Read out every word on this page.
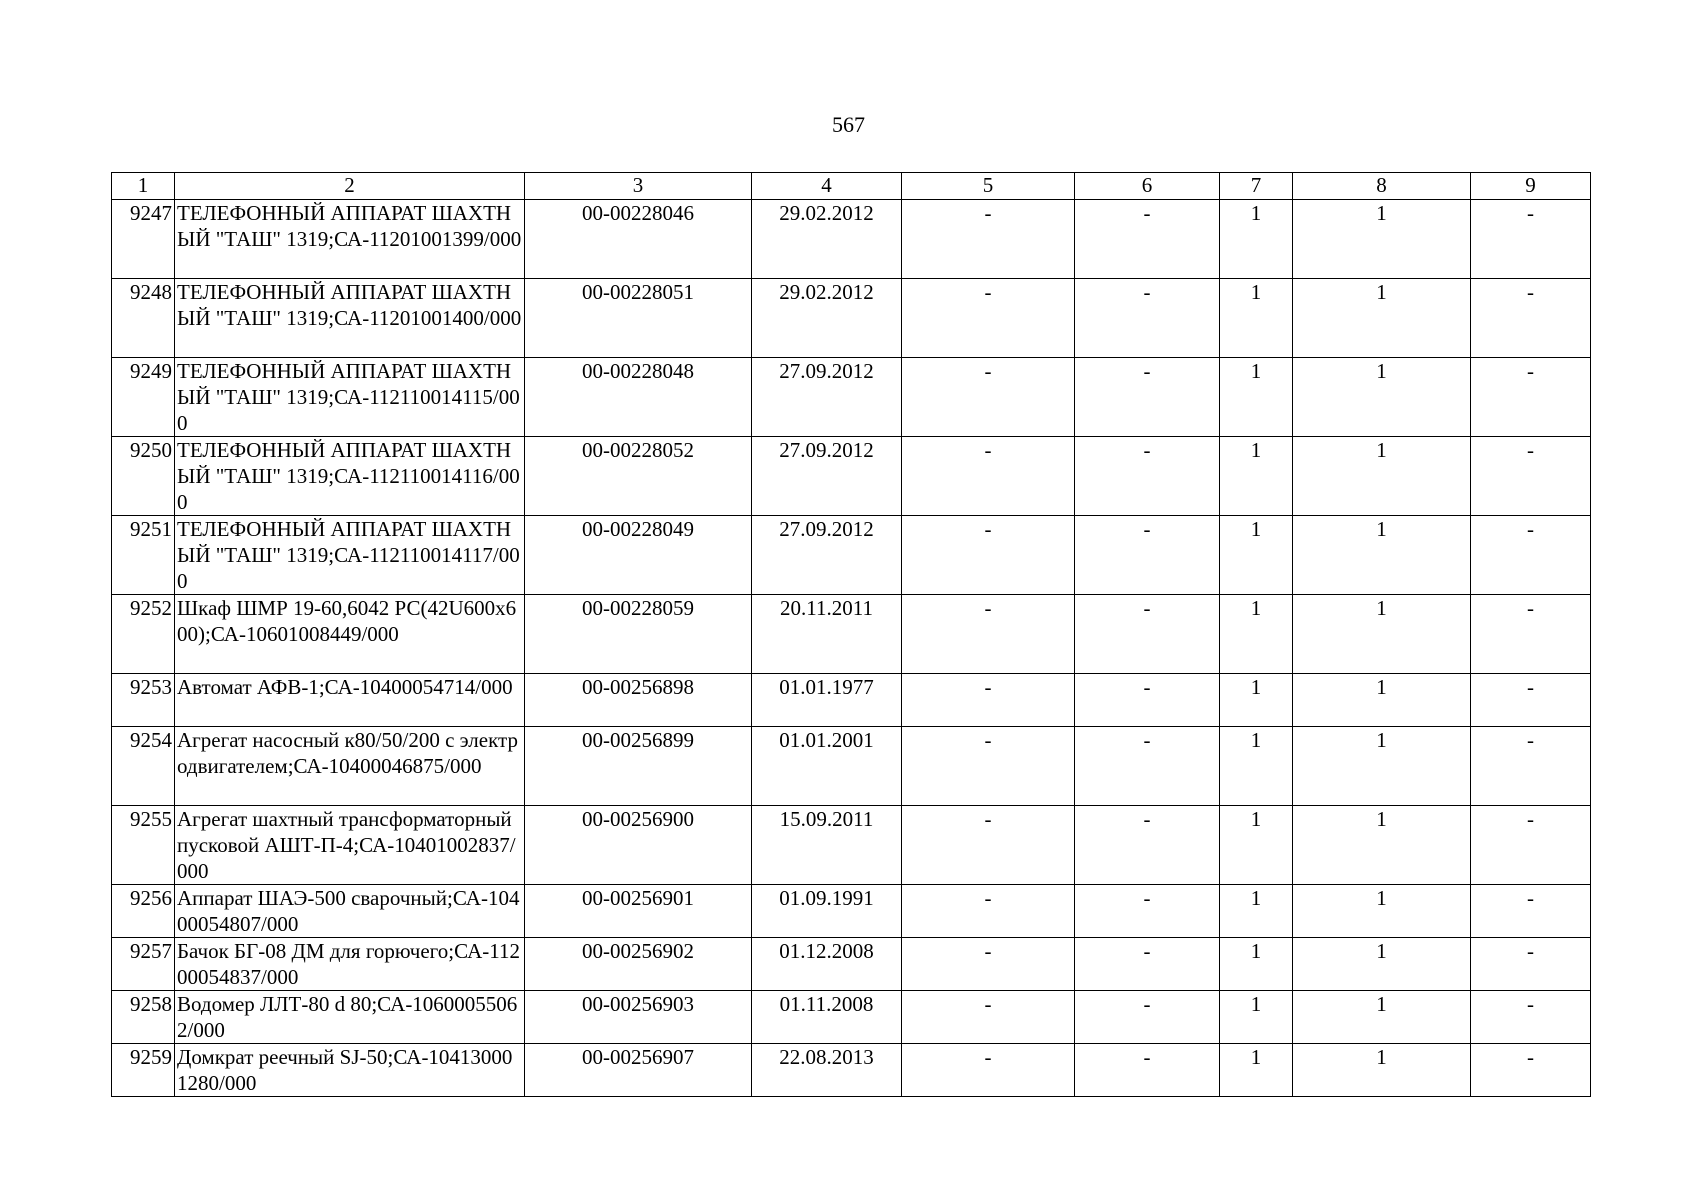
567
1	2	3	4	5	6	7	8	9
9247	ТЕЛЕФОННЫЙ АППАРАТ ШАХТНЫЙ "ТАШ" 1319;СА-11201001399/000	00-00228046	29.02.2012	-	-	1	1	-
9248	ТЕЛЕФОННЫЙ АППАРАТ ШАХТНЫЙ "ТАШ" 1319;СА-11201001400/000	00-00228051	29.02.2012	-	-	1	1	-
9249	ТЕЛЕФОННЫЙ АППАРАТ ШАХТНЫЙ "ТАШ" 1319;СА-112110014115/000	00-00228048	27.09.2012	-	-	1	1	-
9250	ТЕЛЕФОННЫЙ АППАРАТ ШАХТНЫЙ "ТАШ" 1319;СА-112110014116/000	00-00228052	27.09.2012	-	-	1	1	-
9251	ТЕЛЕФОННЫЙ АППАРАТ ШАХТНЫЙ "ТАШ" 1319;СА-112110014117/000	00-00228049	27.09.2012	-	-	1	1	-
9252	Шкаф ШМР 19-60,6042 РС(42U600х600);СА-10601008449/000	00-00228059	20.11.2011	-	-	1	1	-
9253	Автомат АФВ-1;СА-10400054714/000	00-00256898	01.01.1977	-	-	1	1	-
9254	Агрегат насосный к80/50/200 с электродвигателем;СА-10400046875/000	00-00256899	01.01.2001	-	-	1	1	-
9255	Агрегат шахтный трансформаторный пусковой АШТ-П-4;СА-10401002837/000	00-00256900	15.09.2011	-	-	1	1	-
9256	Аппарат ШАЭ-500 сварочный;СА-10400054807/000	00-00256901	01.09.1991	-	-	1	1	-
9257	Бачок БГ-08 ДМ для горючего;СА-11200054837/000	00-00256902	01.12.2008	-	-	1	1	-
9258	Водомер ЛЛТ-80 d 80;СА-10600055062/000	00-00256903	01.11.2008	-	-	1	1	-
9259	Домкрат реечный SJ-50;СА-104130001280/000	00-00256907	22.08.2013	-	-	1	1	-
